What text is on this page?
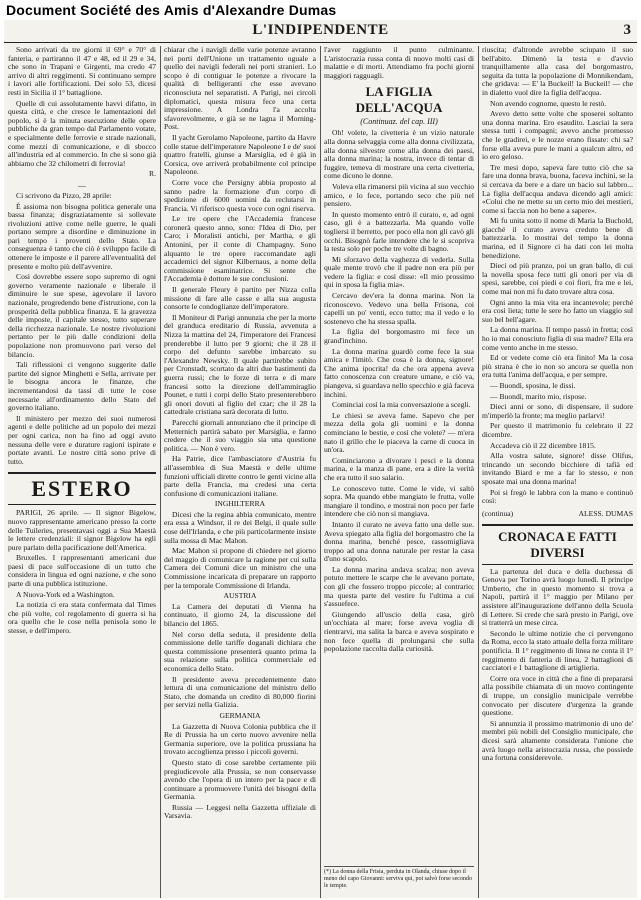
Document Société des Amis d'Alexandre Dumas
L'INDIPENDENTE	3

Sono arrivati da tre giorni il 69° e 70° di fanteria, e partiranno il 47 e 48, ed il 29 e 34, che sono in Trapani e Girgenti, ma credo 47 arrivo di altri reggimenti. Si continuano sempre i lavori alle fortificazioni. Dei solo 53, dicesi resti in Sicilia il 1° battaglione.

Quelle di cui assolutamente havvi difatto, in questa città, e che cresce le lamentazioni del popolo, si è la minuta esecuzione delle opere pubbliche da gran tempo dal Parlamento votate, e specialmente delle ferrovie e strade nazionali, come mezzi di comunicazione, e di sbocco all'industria ed al commercio. In che si sono già abbiamo che 32 chilometri di ferrovia!

R.

—

Ci scrivono da Pizzo, 28 aprile:

È assioma non bisogna politica generale una bassa finanza; disgraziatamente si sollevate rivoluzioni attive come nelle guerre, le quali portano sempre a disordine e diminuzione in pari tempo i proventi dello Stato. La conseguenza è tanto che ciò è sviluppo facile di ottenere le imposte e il parere all'eventualità del presente e molto più dell'avvenire.

Così dovrebbe essere sopo supremo di ogni governo veramente nazionale e liberale il diminuire le sue spese, agevolare il lavoro nazionale, progredendo bene d'istruzione, con la prosperità della pubblica finanza. E la gravezza delle imposte, il capitale stesso, tutto superare della ricchezza nazionale. Le nostre rivoluzioni pertanto per le più dalle condizioni della popolazione non promuovono pari verso del bilancio.

Tali riflessioni ci vengono suggerite dalle partite del signor Minghetti e Sella, arrivate per le bisogna ancora le finanze, che incrementandosi da tassi di tutte le cose necessarie all'ordinamento dello Stato del governo italiano.

Il ministero per mezzo dei suoi numerosi agenti e delle politiche ad un popolo dei mezzi per ogni carica, non ha fino ad oggi avuto nessuna delle vere e durature ragioni ispirate e portate avanti. Le nostre città sono prive di tutto.

ESTERO

PARIGI, 26 aprile. — Il signor Bigelow, nuovo rappresentante americano presso la corte delle Tuileries, presentavasi oggi a Sua Maestà le lettere credenziali: il signor Bigelow ha egli pure parlato della pacificazione dell'America.

Bruxelles. I rappresentanti americani due paesi di pace sull'occasione di un tutto che considera in lingua ed ogni nazione, e che sono parte di una pubblica istituzione.

A Nuova-York ed a Washington.

La notizia ci era stata confermata dal Times che più volte, col regolamento di guerra si ha ora quello che le cose nella penisola sono le stesse, e dell'impero.

chiarar che i navigli delle varie potenze avranno nei porti dell'Unione un trattamento uguale a quello dei navigli federali nei porti stranieri. Lo scopo è di contiguar le potenze a rivocare la qualità di belligeranti che esse avevano riconosciuta nel separatisti. A Parigi, nei circoli diplomatici, questa misura fece una certa impressione. A Londra l'a accolta sfavorevolmente, e già se ne lagna il Morning-Post.

Il yacht Gerolamo Napoleone, partito da Havre colle statue dell'imperatore Napoleone I e de' suoi quattro fratelli, giunse a Marsiglia, ed è già in Corsica, ove arriverà probabilmente col principe Napoleone.

Corre voce che Persigny abbia proposto al sanno padre la formazione d'un corpo di spedizione di 6000 uomini da reclutarsi in Francia. Vi riferisco questa voce con ogni riserva.

Le tre opere che l'Accademia francese coronerà questo anno, sono: l'Idea di Dio, per Caro; i Moralisti antichi, per Martha, e gli Antonini, per il conte di Champagny. Sono alquanto le tre opere raccomandate agli accademici del signor Kilbernaus, a nome della commissione esaminatrice. Si sente che l'Accademia è dottore le sue conclusioni.

Il generale Fleury è partito per Nizza colla missione di fare alle casse e alla sua augusta consorte le condoglianze dell'imperatore.

Il Moniteur di Parigi annunzia che per la morte del granduca ereditario di Russia, avvenuta a Nizza la mattina del 24, l'imperatore dei Francesi prenderebbe il lutto per 9 giorni; che il 28 il corpo del defunto sarebbe imbarcato su l'Alexandre Newsky. Il quale partirebbe subito per Cronstadt, scortato da altri due bastimenti da guerra russi; che le forze di terra e di mare francesi sotto la direzione dell'ammiraglio Pounet, e tutti i corpi dello Stato presenterebbero gli onori dovuti al figlio del czar; che il 28 la cattedrale cristiana sarà decorata di lutto.

Parecchi giornali annunziano che il principe di Metternich partirà sabato per Marsiglia, e fanno credere che il suo viaggio sia una questione politica. — Non è vero.

Ha Patrie, dice l'ambasciatore d'Austria fu all'assemblea di Sua Maestà e delle ultime funzioni ufficiali dirette contro le genti vicine alla parte della Francia, ma credesi una certa confusione di comunicazioni italiane.

INGHILTERRA

Dicesi che la regina abbia comunicato, mentre era essa a Windsor, il re dei Belgi, il quale sulle cose dell'Irlanda, e che più particolarmente insiste sulla mossa di Mac Mahon.

Mac Mahon si propone di chiedere nel giorno del maggio di comunicare la ragione per cui sulla Camera dei Comuni dice un ministro che una Commissione incaricata di preparare un rapporto per la temporale Commissione di Irlanda.

AUSTRIA

La Camera dei deputati di Vienna ha continuato, il giorno 24, la discussione del bilancio del 1865.

Nel corso della seduta, il presidente della commissione delle tariffe doganali dichiara che questa commissione presenterà quanto prima la sua relazione sulla politica commerciale ed economica dello Stato.

Il presidente aveva precedentemente dato lettura di una comunicazione del ministro dello Stato, che domanda un credito di 80,000 fiorini per servizi nella Galizia.

GERMANIA

La Gazzetta di Nuova Colonia pubblica che il Re di Prussia ha un certo nuovo avvenire nella Germania superiore, ove la politica prussiana ha trovato accoglienza presso i piccoli governi.

Questo stato di cose sarebbe certamente più pregiudicevole alla Prussia, se non conservasse avendo che l'opera di un intero per la pace e di continuare a promuovere l'unità dei bisogni della Germania.

Russia — Leggesi nella Gazzetta uffiziale di Varsavia.

l'aver raggiunto il punto culminante. L'aristocrazia russa conta di nuovo molti casi di malattie e di morti. Attendiamo fra pochi giorni maggiori ragguagli.

LA FIGLIA DELL'ACQUA
(Continuaz. del cap. III)

Oh! volete, la civetteria è un vizio naturale alla donna selvaggia come alla donna civilizzata, alla donna silvestre come alla donna dei paesi, alla donna marina; la nostra, invece di tentar di fuggire, temeva di mostrare una certa civetteria, come dicono le donne.

Voleva ella rimanersi più vicina al suo vecchio amico, e lo fece, portando seco che più nel pensiero.

In questo momento entrò il curato, e, ad ogni caso, gli è a battezzarla. Ma quando volle togliersi il berretto, per poco ella non gli cavò gli occhi. Bisognò farle intendere che le si scopriva la testa solo per poche tre volte di bagno.

Mi sforzavo della vaghezza di vederla. Sulla quale mente trovò che il padre non era più per vedere la figlia: e così disse: «Il mio prossimo qui in sposa la figlia mia».

Cercavo dev'era la donna marina. Non la riconoscevo. Vedevo una bella Frisona, coi capelli un po' venti, ecco tutto; ma il vedo e lo sostenevo che ha stessa spalla.

La figlia del borgomastro mi fece un grand'inchino.

La donna marina guardò come fece la sua amica e l'imitò. Che cosa è la donna, signore! Che anima ipocrita! da che ora appena aveva fatto conoscenza con creature umane, e ciò va, piangeva, si guardava nello specchio e già faceva inchini.

Cominciai così la mia conversazione a scegli.

Le chiesi se aveva fame. Sapevo che per mezza della gola gli uomini e la donna cominciano le bestie, e così che volete? — m'era nato il grillo che le piaceva la carne di cuoca in un'ora.

Cominciarono a divorare i pesci e la donna marina, e la manza di pane, era a dire la verità che era tutto il suo salario.

Le conoscevo tutte. Come le vide, vi saltò sopra. Ma quando ebbe mangiato le frutta, volle mangiare il tondino, e mostrai non poco per farle intendere che ciò non si mangiava.

Intanto il curato ne aveva fatto una delle sue. Aveva spiegato alla figlia del borgomastro che la donna marina, benché pesce, rassomigliava troppo ad una donna naturale per restar la casa d'uno scapolo.

La donna marina andava scalza; non aveva potuto mettere le scarpe che le avevano portate, con gli che fossero troppo piccole; al contrario; ma questa parte del vestire fu l'ultima a cui s'assuefece.

Giungendo all'uscio della casa, girò un'occhiata al mare; forse aveva voglia di rientrarvi, ma salita la barca e aveva sospirato e non fece quella di prolungarsi che sulla popolazione raccolta dalla curiosità.

(*) La donna della Frisia, perduta in Olanda, chiuse dopo il meno del capo Giovanni: serviva qui, poi salvò forse secondo le tempie.

riuscita; d'altronde avrebbe sciupato il suo bell'abito. Dimenò la testa e d'avvio tranquillamente alla casa del borgomastro, seguita da tutta la popolazione di Monnikendam, che gridava: — E' la Buckeil! la Buckeil! — che in dialetto vuol dire la figlia dell'acqua.

Non avendo cognome, questo le restò.

Avevo detto sette volte che sposerei soltanto una donna marina. Ero esaudito. Lasciai la sera stessa tutti i compagni; avevo anche promesso che le gradirei, e le nozze erano fissate: chi sa? forse ella aveva pure le mani a qualcun altro, ed io ero geloso.

Tre mesi dopo, sapeva fare tutto ciò che sa fare una donna brava, buona, faceva inchini, se la si cercava da bere e a dare un bacio sul labbro... La figlia dell'acqua andava dicendo agli amici: «Colui che ne mette su un certo mio dei mestieri, come si faccia non ho bene a sapere».

Mi fu unita sotto il nome di Maria la Buchold, giacché il curato aveva creduto bene di battezzarla. Io mostrai del tempo la donna marina, ed il Signore ci ha dati con lei molta benedizione.

Dieci od più pranzo, poi un gran ballo, di cui la novella sposa fece tutti gli onori per via di spesi, sarebbe, coi piedi e coi fiori, fra me e lei, come mai non mi fu dato trovare altra cosa.

Ogni anno la mia vita era incantevole; perché era così lieta; tutte le sere ho fatto un viaggio sul suo bel bell'agare.

La donna marina. Il tempo passò in fretta; così ho io mai conosciuto figlia di sua madre? Ella era come vento anche in me stesso.

Ed or vedete come ciò era finito! Ma la cosa più strana è che io non so ancora se quella non era tutta l'anima dell'acqua, e per sempre.

— Buondì, sposina, le dissi.

— Buondì, marito mio, rispose.

Dieci anni or sono, di dispensare, il sudore m'imperlò la fronte; ma meglio parlarvi!

Per questo il matrimonio fu celebrato il 22 dicembre.

Accadeva ciò il 22 dicembre 1815.

Alla vostra salute, signore! disse Olifus, trincando un secondo bicchiere di tafià ed invitando Biard e me a far lo stesso, e non sposate mai una donna marina!

Poi si fregò le labbra con la mano e continuò così:

(continua)	ALESS. DUMAS
CRONACA E FATTI DIVERSI

La partenza del duca e della duchessa di Genova per Torino avrà luogo lunedì. Il principe Umberto, che in questo momento si trova a Napoli, partirà il 1° maggio per Milano per assistere all'inaugurazione dell'anno della Scuola di Lettere. Si crede che sarà presto in Parigi, ove si tratterrà un mese circa.

Secondo le ultime notizie che ci pervengono da Roma, ecco la stato attuale della forza militare pontificia. Il 1° reggimento di linea ne conta il 1° reggimento di fanteria di linea, 2 battaglioni di cacciatori e 1 battaglione di artiglieria.

Corre ora voce in città che a fine di prepararsi alla possibile chiamata di un nuovo contingente di truppe, un consiglio municipale verrebbe convocato per discutere d'urgenza la grande questione.

Si annunzia il prossimo matrimonio di uno de' membri più nobili del Consiglio municipale, che dicesi sarà altamente considerata l'unione che avrà luogo nella aristocrazia russa, che possiede una fortuna considerevole.
